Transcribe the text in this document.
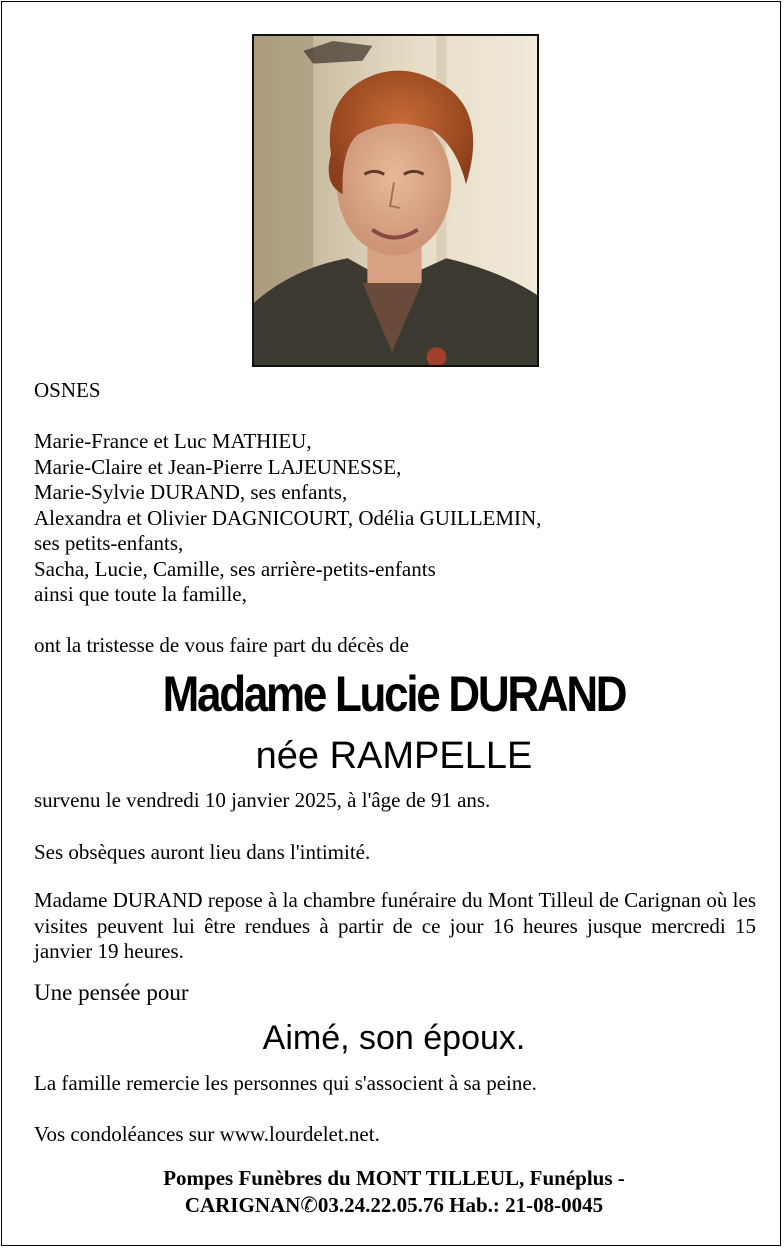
OSNES
Marie-France et Luc MATHIEU,
Marie-Claire et Jean-Pierre LAJEUNESSE,
Marie-Sylvie DURAND, ses enfants,
Alexandra et Olivier DAGNICOURT, Odélia GUILLEMIN,
ses petits-enfants,
Sacha, Lucie, Camille, ses arrière-petits-enfants
ainsi que toute la famille,
ont la tristesse de vous faire part du décès de
Madame Lucie DURAND
née RAMPELLE
survenu le vendredi 10 janvier 2025, à l'âge de 91 ans.
Ses obsèques auront lieu dans l'intimité.
Madame DURAND repose à la chambre funéraire du Mont Tilleul de Carignan où les visites peuvent lui être rendues à partir de ce jour 16 heures jusque mercredi 15 janvier 19 heures.
Une pensée pour
Aimé, son époux.
La famille remercie les personnes qui s'associent à sa peine.
Vos condoléances sur www.lourdelet.net.
Pompes Funèbres du MONT TILLEUL, Funéplus -
CARIGNAN✆03.24.22.05.76 Hab.: 21-08-0045
